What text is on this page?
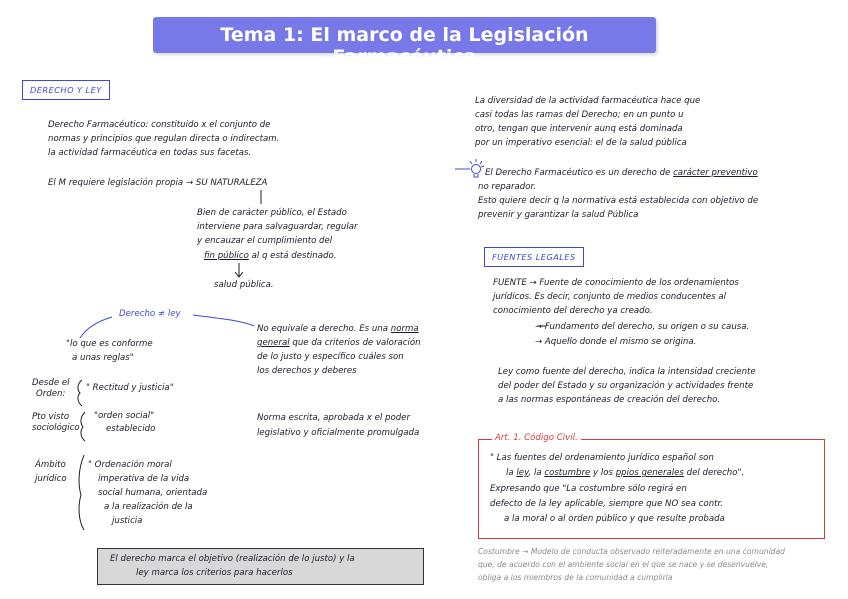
Tema 1: El marco de la Legislación Farmacéutica
DERECHO Y LEY
Derecho Farmacéutico: constituido x el conjunto de
normas y principios que regulan directa o indirectam.
la actividad farmacéutica en todas sus facetas.
El M requiere legislación propia → SU NATURALEZA
Bien de carácter público, el Estado
interviene para salvaguardar, regular
y encauzar el cumplimiento del
fin público al q está destinado.
salud pública.
Derecho ≠ ley
"lo que es conforme
a unas reglas"
No equivale a derecho. Es una norma
general que da criterios de valoración
de lo justo y específico cuáles son
los derechos y deberes
Desde el
Orden:
" Rectitud y justicia"
Pto visto
sociológico
"orden social"
establecido
Norma escrita, aprobada x el poder
legislativo y oficialmente promulgada
Ámbito
jurídico
" Ordenación moral
imperativa de la vida
social humana, orientada
a la realización de la
justicia
El derecho marca el objetivo (realización de lo justo) y la
ley marca los criterios para hacerlos
La diversidad de la actividad farmacéutica hace que
casi todas las ramas del Derecho; en un punto u
otro, tengan que intervenir aunq está dominada
por un imperativo esencial: el de la salud pública
El Derecho Farmacéutico es un derecho de carácter preventivo
no reparador.
Esto quiere decir q la normativa está establecida con objetivo de
prevenir y garantizar la salud Pública
FUENTES LEGALES
FUENTE → Fuente de conocimiento de los ordenamientos
jurídicos. Es decir, conjunto de medios conducentes al
conocimiento del derecho ya creado.
→ Fundamento del derecho, su origen o su causa.
→ Aquello donde el mismo se origina.
Ley como fuente del derecho, indica la intensidad creciente
del poder del Estado y su organización y actividades frente
a las normas espontáneas de creación del derecho.
Art. 1. Código Civil.
" Las fuentes del ordenamiento jurídico español son
la ley, la costumbre y los ppios generales del derecho".
Expresando que "La costumbre sólo regirá en
defecto de la ley aplicable, siempre que NO sea contr.
a la moral o al orden público y que resulte probada
Costumbre → Modelo de conducta observado reiteradamente en una comunidad
que, de acuerdo con el ambiente social en el que se nace y se desenvuelve,
obliga a los miembros de la comunidad a cumplirla
